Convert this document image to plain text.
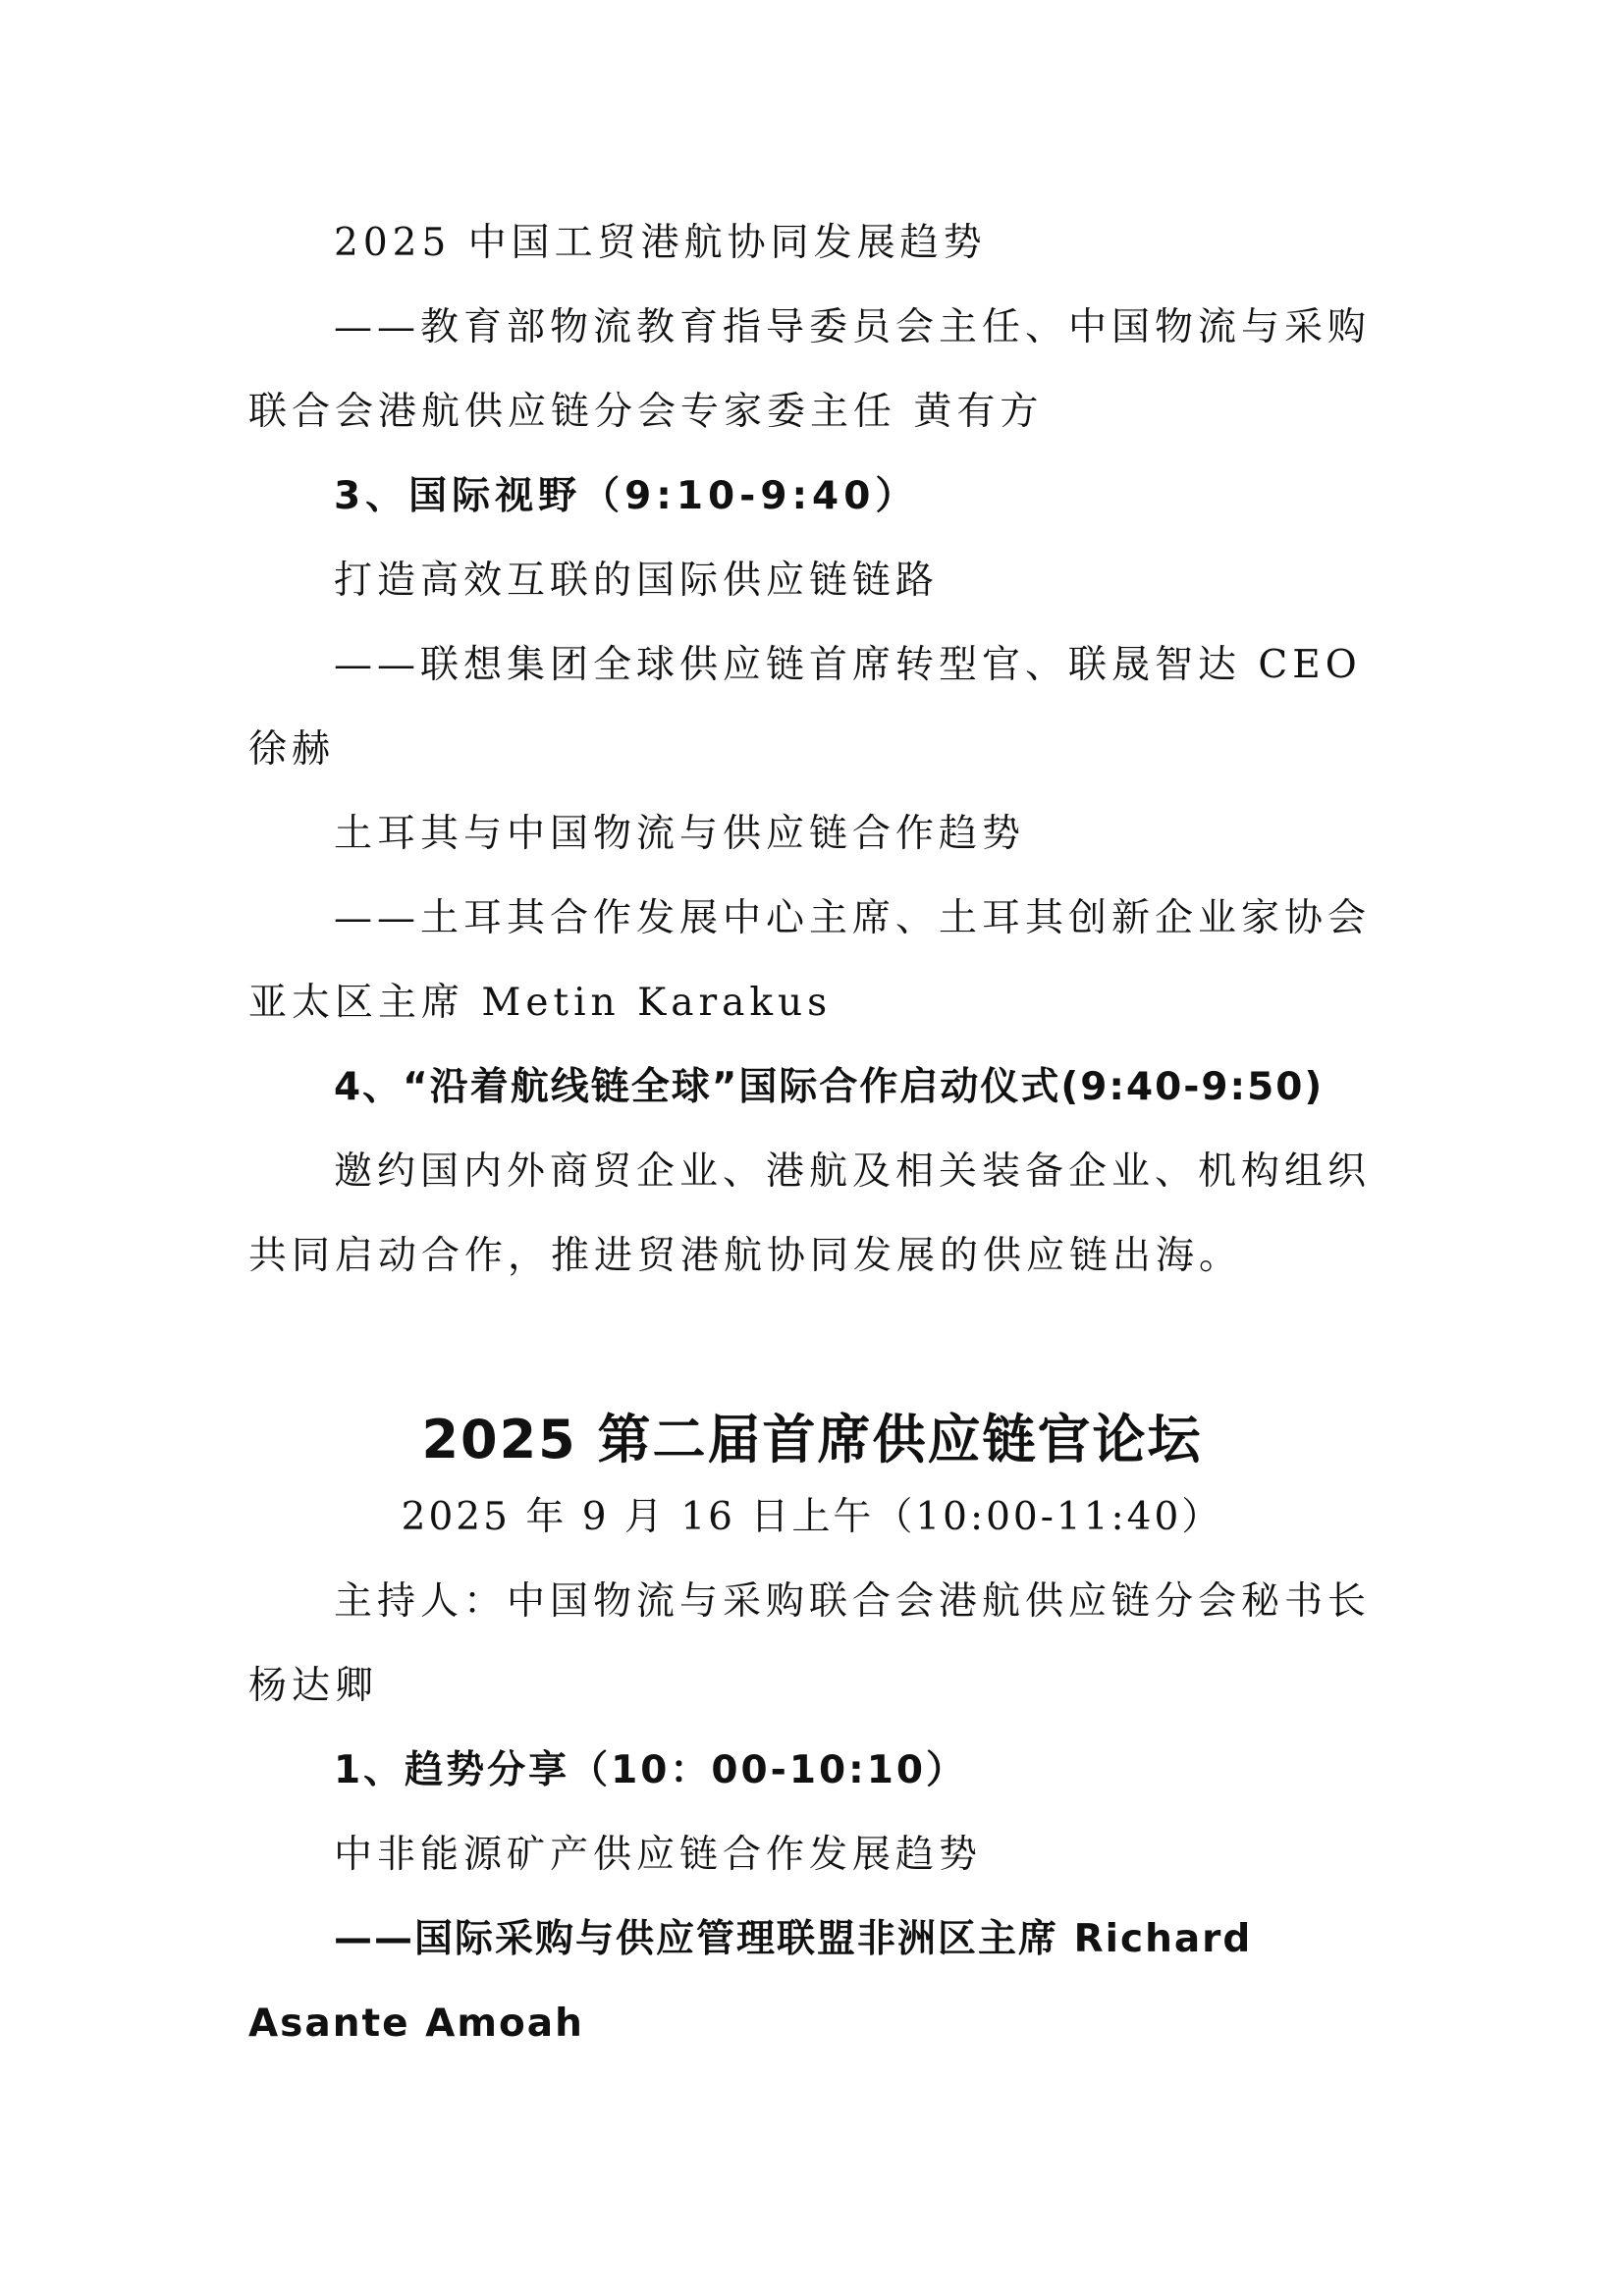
2025 中国工贸港航协同发展趋势

——教育部物流教育指导委员会主任、中国物流与采购

联合会港航供应链分会专家委主任 黄有方

3、国际视野（9:10-9:40）

打造高效互联的国际供应链链路

——联想集团全球供应链首席转型官、联晟智达 CEO

徐赫

土耳其与中国物流与供应链合作趋势

——土耳其合作发展中心主席、土耳其创新企业家协会

亚太区主席 Metin Karakus

4、“沿着航线链全球”国际合作启动仪式(9:40-9:50)

邀约国内外商贸企业、港航及相关装备企业、机构组织

共同启动合作，推进贸港航协同发展的供应链出海。

2025 第二届首席供应链官论坛

2025 年 9 月 16 日上午（10:00-11:40）

主持人：中国物流与采购联合会港航供应链分会秘书长

杨达卿

1、趋势分享（10：00-10:10）

中非能源矿产供应链合作发展趋势

——国际采购与供应管理联盟非洲区主席 Richard

Asante Amoah
